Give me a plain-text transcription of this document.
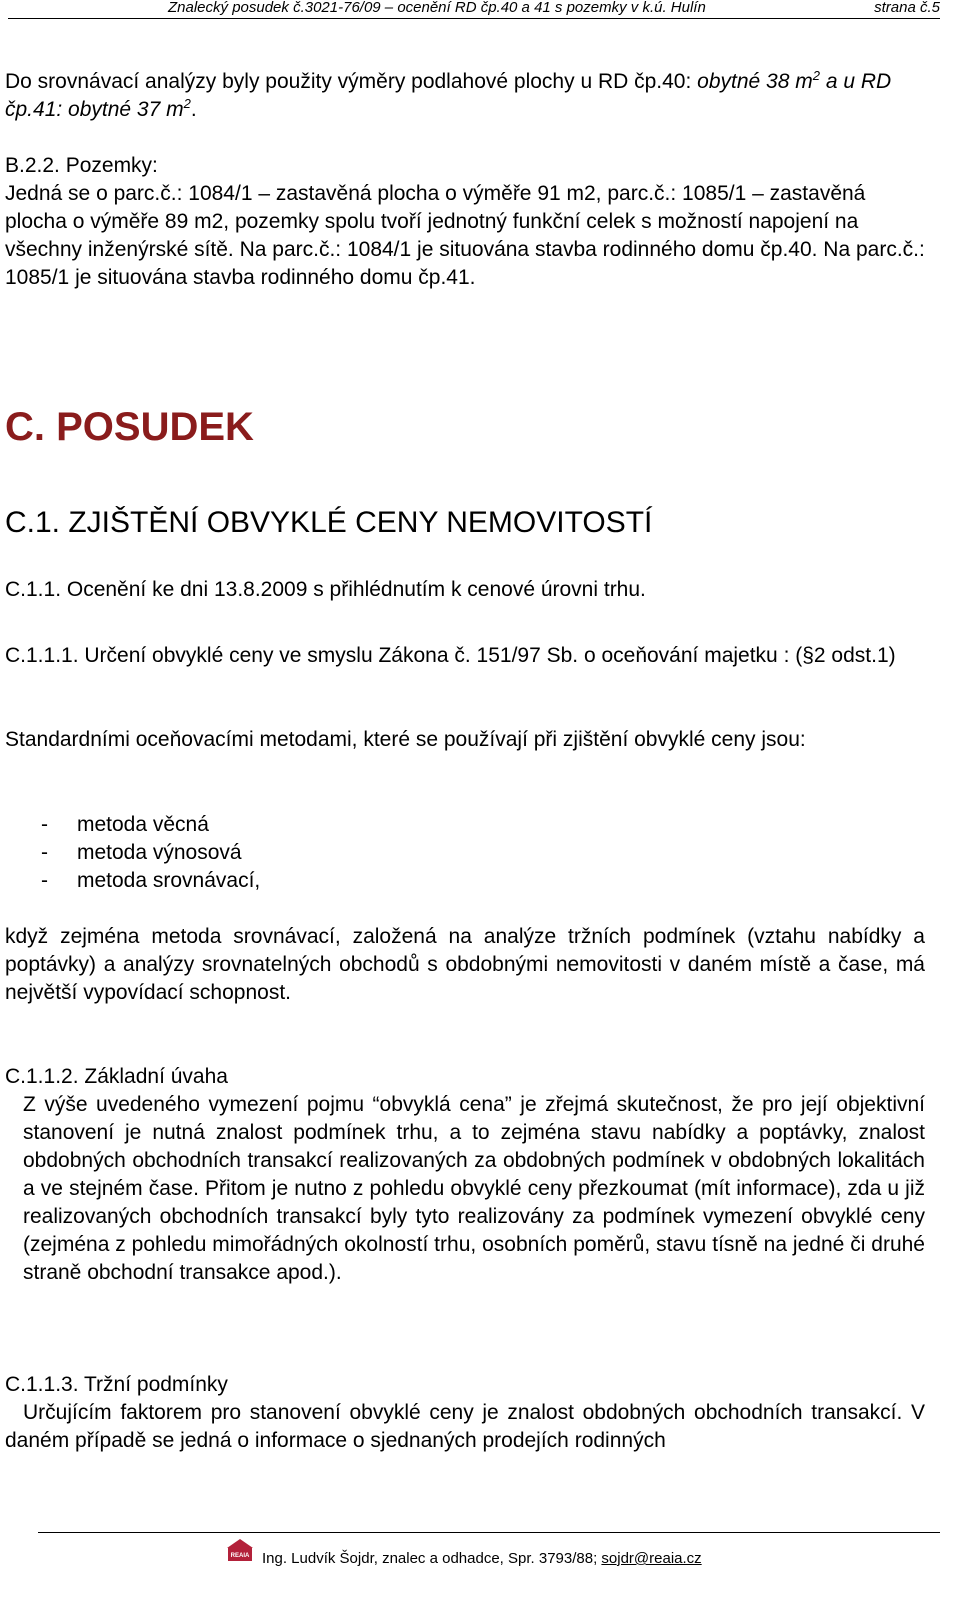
Znalecký posudek č.3021-76/09 – ocenění RD čp.40 a 41 s pozemky v k.ú. Hulín	strana č.5

Do srovnávací analýzy byly použity výměry podlahové plochy u RD čp.40: obytné 38 $m^2$ a u RD čp.41: obytné 37 $m^2$.

B.2.2. Pozemky:

Jedná se o parc.č.: 1084/1 – zastavěná plocha o výměře 91 m2, parc.č.: 1085/1 – zastavěná plocha o výměře 89 m2, pozemky spolu tvoří jednotný funkční celek s možností napojení na všechny inženýrské sítě. Na parc.č.: 1084/1 je situována stavba rodinného domu čp.40. Na parc.č.: 1085/1 je situována stavba rodinného domu čp.41.

C. POSUDEK
C.1. ZJIŠTĚNÍ OBVYKLÉ CENY NEMOVITOSTÍ
C.1.1. Ocenění ke dni 13.8.2009 s přihlédnutím k cenové úrovni trhu.
C.1.1.1. Určení obvyklé ceny ve smyslu Zákona č. 151/97 Sb. o oceňování majetku : (§2 odst.1)
Standardními oceňovacími metodami, které se používají při zjištění obvyklé ceny jsou:
- metoda věcná
- metoda výnosová
- metoda srovnávací,
když zejména metoda srovnávací, založená na analýze tržních podmínek (vztahu nabídky a poptávky) a analýzy srovnatelných obchodů s obdobnými nemovitosti v daném místě a čase, má největší vypovídací schopnost.

C.1.1.2. Základní úvaha

Z výše uvedeného vymezení pojmu “obvyklá cena” je zřejmá skutečnost, že pro její objektivní stanovení je nutná znalost podmínek trhu, a to zejména stavu nabídky a poptávky, znalost obdobných obchodních transakcí realizovaných za obdobných podmínek v obdobných lokalitách a ve stejném čase. Přitom je nutno z pohledu obvyklé ceny přezkoumat (mít informace), zda u již realizovaných obchodních transakcí byly tyto realizovány za podmínek vymezení obvyklé ceny (zejména z pohledu mimořádných okolností trhu, osobních poměrů, stavu tísně na jedné či druhé straně obchodní transakce apod.).

C.1.1.3. Tržní podmínky

Určujícím faktorem pro stanovení obvyklé ceny je znalost obdobných obchodních transakcí. V daném případě se jedná o informace o sjednaných prodejích rodinných

REAIA Ing. Ludvík Šojdr, znalec a odhadce, Spr. 3793/88; sojdr@reaia.cz
